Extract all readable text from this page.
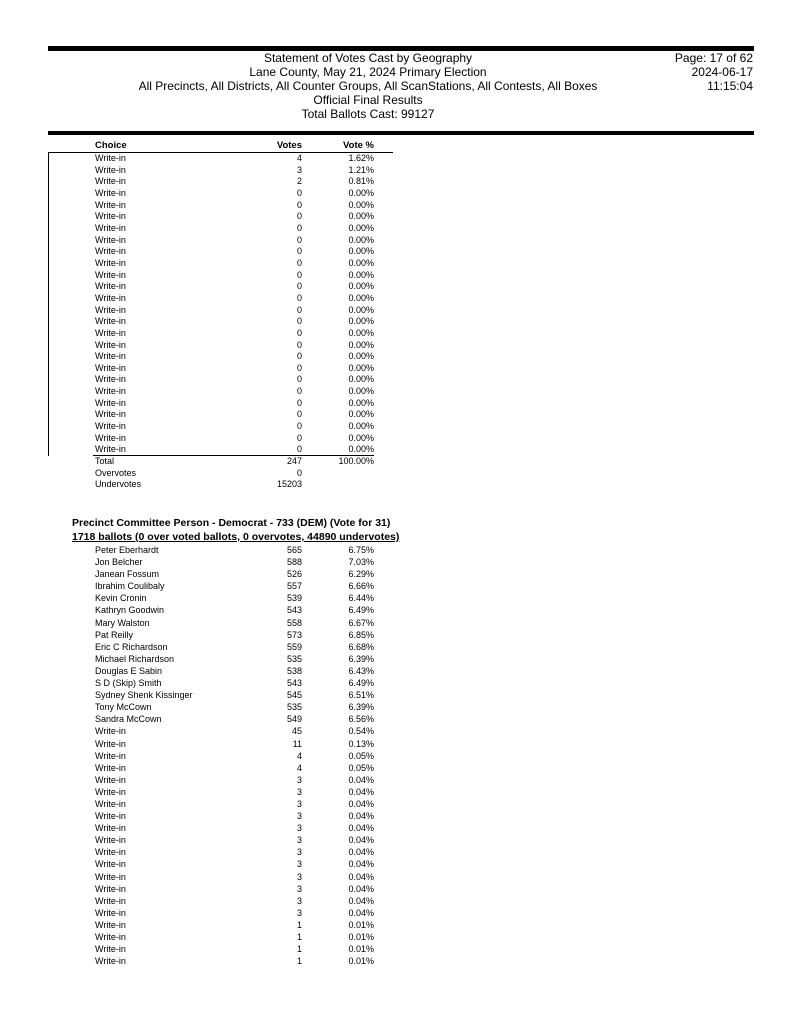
Statement of Votes Cast by Geography
Lane County, May 21, 2024 Primary Election
All Precincts, All Districts, All Counter Groups, All ScanStations, All Contests, All Boxes
Official Final Results
Total Ballots Cast: 99127
Page: 17 of 62
2024-06-17
11:15:04
Choice	Votes	Vote %
Write-in	4	1.62%
Write-in	3	1.21%
Write-in	2	0.81%
Write-in	0	0.00%
Write-in	0	0.00%
Write-in	0	0.00%
Write-in	0	0.00%
Write-in	0	0.00%
Write-in	0	0.00%
Write-in	0	0.00%
Write-in	0	0.00%
Write-in	0	0.00%
Write-in	0	0.00%
Write-in	0	0.00%
Write-in	0	0.00%
Write-in	0	0.00%
Write-in	0	0.00%
Write-in	0	0.00%
Write-in	0	0.00%
Write-in	0	0.00%
Write-in	0	0.00%
Write-in	0	0.00%
Write-in	0	0.00%
Write-in	0	0.00%
Write-in	0	0.00%
Write-in	0	0.00%
Total	247	100.00%
Overvotes	0
Undervotes	15203
Precinct Committee Person - Democrat - 733 (DEM) (Vote for 31)
1718 ballots (0 over voted ballots, 0 overvotes, 44890 undervotes)
Peter Eberhardt	565	6.75%
Jon Belcher	588	7.03%
Janean Fossum	526	6.29%
Ibrahim Coulibaly	557	6.66%
Kevin Cronin	539	6.44%
Kathryn Goodwin	543	6.49%
Mary Walston	558	6.67%
Pat Reilly	573	6.85%
Eric C Richardson	559	6.68%
Michael Richardson	535	6.39%
Douglas E Sabin	538	6.43%
S D (Skip) Smith	543	6.49%
Sydney Shenk Kissinger	545	6.51%
Tony McCown	535	6.39%
Sandra McCown	549	6.56%
Write-in	45	0.54%
Write-in	11	0.13%
Write-in	4	0.05%
Write-in	4	0.05%
Write-in	3	0.04%
Write-in	3	0.04%
Write-in	3	0.04%
Write-in	3	0.04%
Write-in	3	0.04%
Write-in	3	0.04%
Write-in	3	0.04%
Write-in	3	0.04%
Write-in	3	0.04%
Write-in	3	0.04%
Write-in	3	0.04%
Write-in	3	0.04%
Write-in	1	0.01%
Write-in	1	0.01%
Write-in	1	0.01%
Write-in	1	0.01%
